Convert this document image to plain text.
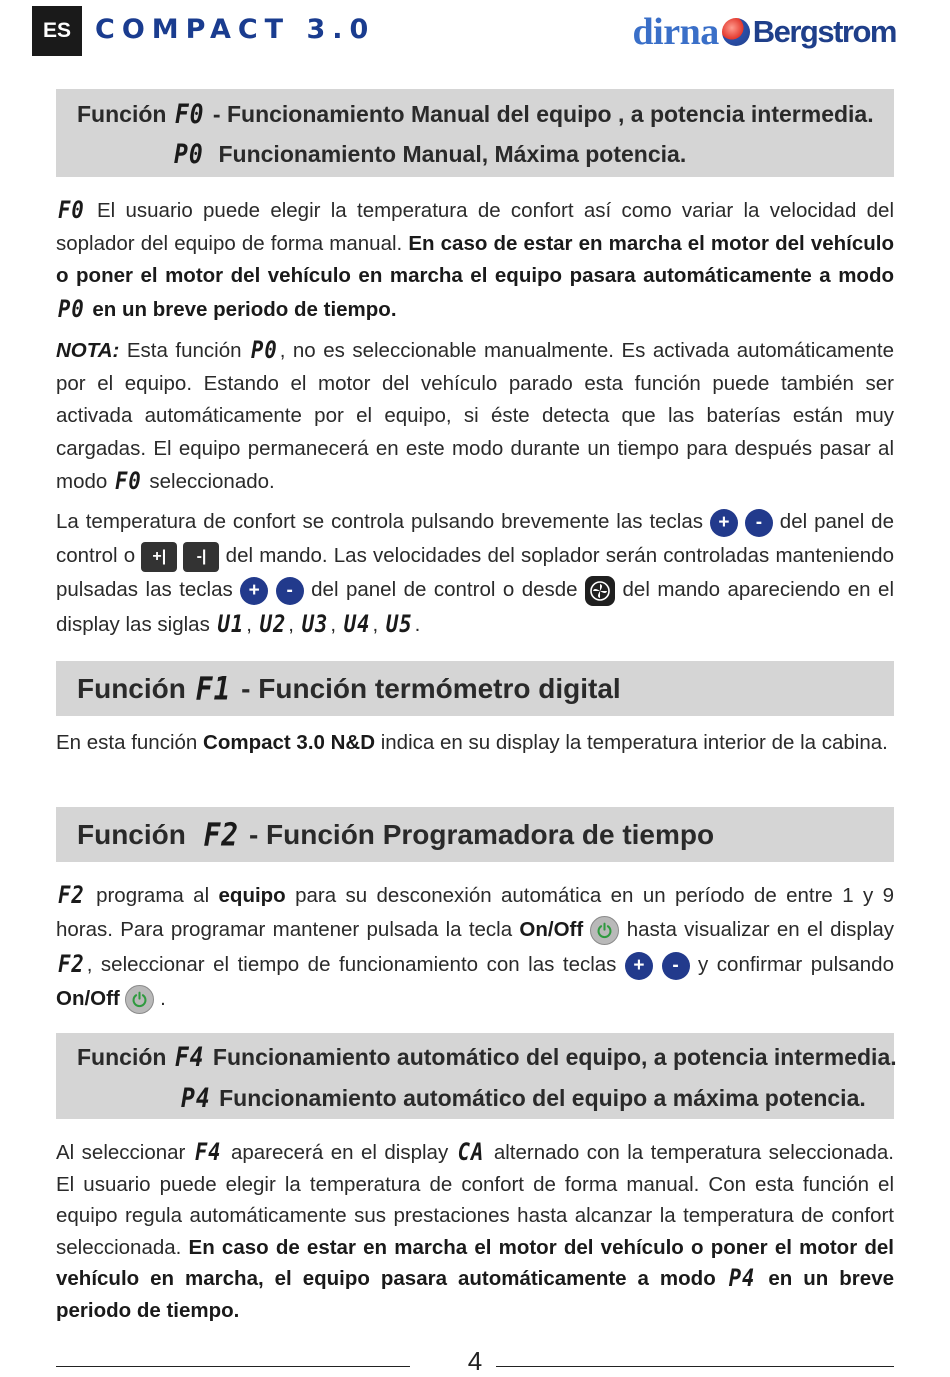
ES COMPACT 3.0	dirna Bergstrom
Función F0 - Funcionamiento Manual del equipo , a potencia intermedia.
P0 Funcionamiento Manual, Máxima potencia.
F0 El usuario puede elegir la temperatura de confort así como variar la velocidad del soplador del equipo de forma manual. En caso de estar en marcha el motor del vehículo o poner el motor del vehículo en marcha el equipo pasara automáticamente a modo P0 en un breve periodo de tiempo.
NOTA: Esta función P0, no es seleccionable manualmente. Es activada automáticamente por el equipo. Estando el motor del vehículo parado esta función puede también ser activada automáticamente por el equipo, si éste detecta que las baterías están muy cargadas. El equipo permanecerá en este modo durante un tiempo para después pasar al modo F0 seleccionado.
La temperatura de confort se controla pulsando brevemente las teclas + - del panel de control o +| -| del mando. Las velocidades del soplador serán controladas manteniendo pulsadas las teclas + - del panel de control o desde
del mando apareciendo en el display las siglas U1, U2, U3, U4, U5.
Función F1 - Función termómetro digital
En esta función Compact 3.0 N&D indica en su display la temperatura interior de la cabina.
Función F2 - Función Programadora de tiempo
F2 programa al equipo para su desconexión automática en un período de entre 1 y 9 horas. Para programar mantener pulsada la tecla On/Off
hasta visualizar en el display F2, seleccionar el tiempo de funcionamiento con las teclas + - y confirmar pulsando On/Off
.
Función F4 Funcionamiento automático del equipo, a potencia intermedia.
P4 Funcionamiento automático del equipo a máxima potencia.
Al seleccionar F4 aparecerá en el display CA alternado con la temperatura seleccionada. El usuario puede elegir la temperatura de confort de forma manual. Con esta función el equipo regula automáticamente sus prestaciones hasta alcanzar la temperatura de confort seleccionada. En caso de estar en marcha el motor del vehículo o poner el motor del vehículo en marcha, el equipo pasara automáticamente a modo P4 en un breve periodo de tiempo.
4
